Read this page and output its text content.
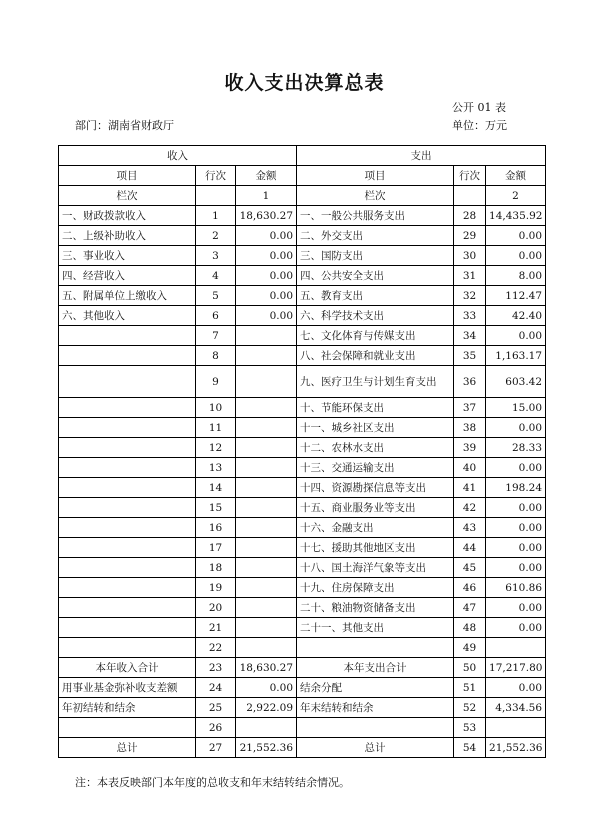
收入支出决算总表
公开 01 表
部门：湖南省财政厅	单位：万元
收入			支出		
项目	行次	金额	项目	行次	金额
栏次		1	栏次		2
一、财政拨款收入	1	18,630.27	一、一般公共服务支出	28	14,435.92
二、上级补助收入	2	0.00	二、外交支出	29	0.00
三、事业收入	3	0.00	三、国防支出	30	0.00
四、经营收入	4	0.00	四、公共安全支出	31	8.00
五、附属单位上缴收入	5	0.00	五、教育支出	32	112.47
六、其他收入	6	0.00	六、科学技术支出	33	42.40
	7		七、文化体育与传媒支出	34	0.00
	8		八、社会保障和就业支出	35	1,163.17
	9		九、医疗卫生与计划生育支出	36	603.42
	10		十、节能环保支出	37	15.00
	11		十一、城乡社区支出	38	0.00
	12		十二、农林水支出	39	28.33
	13		十三、交通运输支出	40	0.00
	14		十四、资源勘探信息等支出	41	198.24
	15		十五、商业服务业等支出	42	0.00
	16		十六、金融支出	43	0.00
	17		十七、援助其他地区支出	44	0.00
	18		十八、国土海洋气象等支出	45	0.00
	19		十九、住房保障支出	46	610.86
	20		二十、粮油物资储备支出	47	0.00
	21		二十一、其他支出	48	0.00
	22			49	
本年收入合计	23	18,630.27	本年支出合计	50	17,217.80
用事业基金弥补收支差额	24	0.00	结余分配	51	0.00
年初结转和结余	25	2,922.09	年末结转和结余	52	4,334.56
	26			53	
总计	27	21,552.36	总计	54	21,552.36
注：本表反映部门本年度的总收支和年末结转结余情况。
